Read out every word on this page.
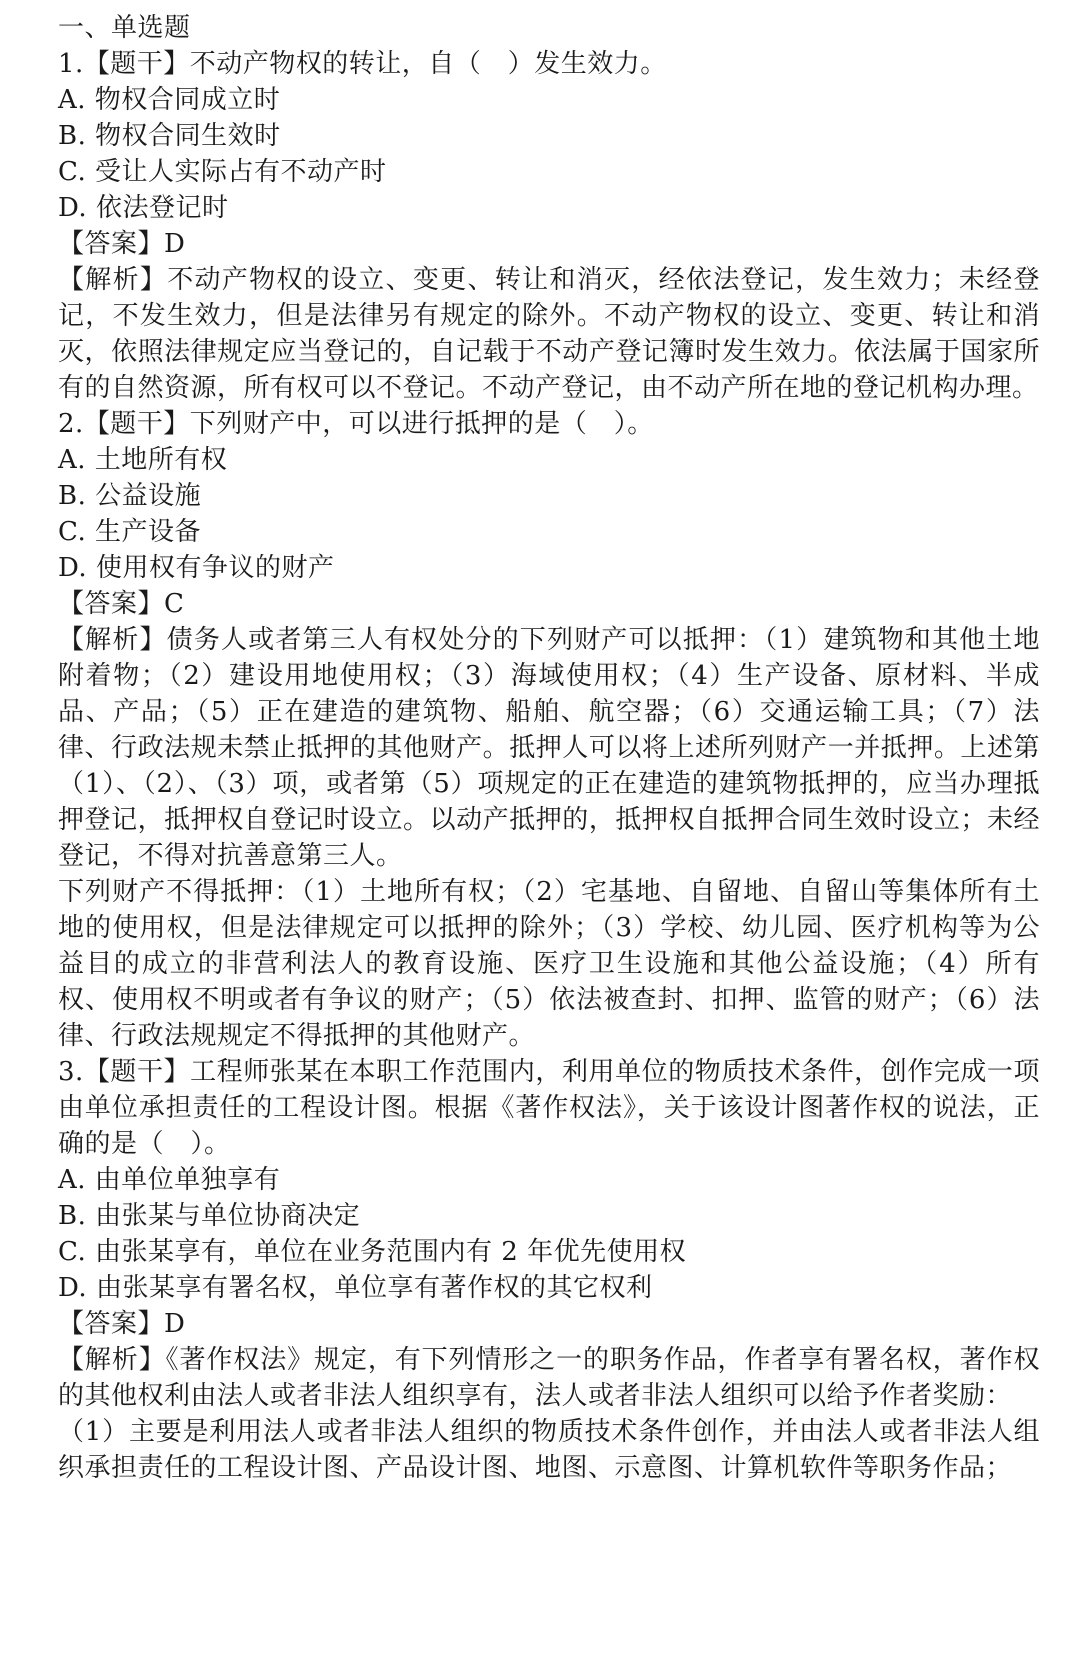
一、单选题
1.【题干】不动产物权的转让，自（　）发生效力。
A. 物权合同成立时
B. 物权合同生效时
C. 受让人实际占有不动产时
D. 依法登记时
【答案】D
【解析】不动产物权的设立、变更、转让和消灭，经依法登记，发生效力；未经登记，不发生效力，但是法律另有规定的除外。不动产物权的设立、变更、转让和消灭，依照法律规定应当登记的，自记载于不动产登记簿时发生效力。依法属于国家所有的自然资源，所有权可以不登记。不动产登记，由不动产所在地的登记机构办理。
2.【题干】下列财产中，可以进行抵押的是（　）。
A. 土地所有权
B. 公益设施
C. 生产设备
D. 使用权有争议的财产
【答案】C
【解析】债务人或者第三人有权处分的下列财产可以抵押：（1）建筑物和其他土地附着物；（2）建设用地使用权；（3）海域使用权；（4）生产设备、原材料、半成品、产品；（5）正在建造的建筑物、船舶、航空器；（6）交通运输工具；（7）法律、行政法规未禁止抵押的其他财产。抵押人可以将上述所列财产一并抵押。上述第（1）、（2）、（3）项，或者第（5）项规定的正在建造的建筑物抵押的，应当办理抵押登记，抵押权自登记时设立。以动产抵押的，抵押权自抵押合同生效时设立；未经登记，不得对抗善意第三人。
下列财产不得抵押：（1）土地所有权；（2）宅基地、自留地、自留山等集体所有土地的使用权，但是法律规定可以抵押的除外；（3）学校、幼儿园、医疗机构等为公益目的成立的非营利法人的教育设施、医疗卫生设施和其他公益设施；（4）所有权、使用权不明或者有争议的财产；（5）依法被查封、扣押、监管的财产；（6）法律、行政法规规定不得抵押的其他财产。
3.【题干】工程师张某在本职工作范围内，利用单位的物质技术条件，创作完成一项由单位承担责任的工程设计图。根据《著作权法》，关于该设计图著作权的说法，正确的是（　）。
A. 由单位单独享有
B. 由张某与单位协商决定
C. 由张某享有，单位在业务范围内有 2 年优先使用权
D. 由张某享有署名权，单位享有著作权的其它权利
【答案】D
【解析】《著作权法》规定，有下列情形之一的职务作品，作者享有署名权，著作权的其他权利由法人或者非法人组织享有，法人或者非法人组织可以给予作者奖励：
（1）主要是利用法人或者非法人组织的物质技术条件创作，并由法人或者非法人组织承担责任的工程设计图、产品设计图、地图、示意图、计算机软件等职务作品；
